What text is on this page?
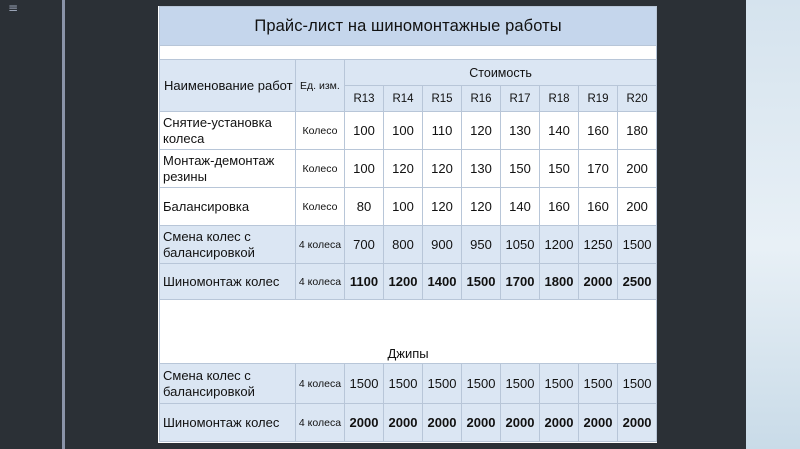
≡
Прайс-лист на шиномонтажные работы									

Наименование работ	Ед. изм.	Стоимость							
		R13	R14	R15	R16	R17	R18	R19	R20
Снятие-установка колеса	Колесо	100	100	110	120	130	140	160	180
Монтаж-демонтаж резины	Колесо	100	120	120	130	150	150	170	200
Балансировка	Колесо	80	100	120	120	140	160	160	200
Смена колес с балансировкой	4 колеса	700	800	900	950	1050	1200	1250	1500
Шиномонтаж колес	4 колеса	1100	1200	1400	1500	1700	1800	2000	2500

Джипы									
Смена колес с балансировкой	4 колеса	1500	1500	1500	1500	1500	1500	1500	1500
Шиномонтаж колес	4 колеса	2000	2000	2000	2000	2000	2000	2000	2000
